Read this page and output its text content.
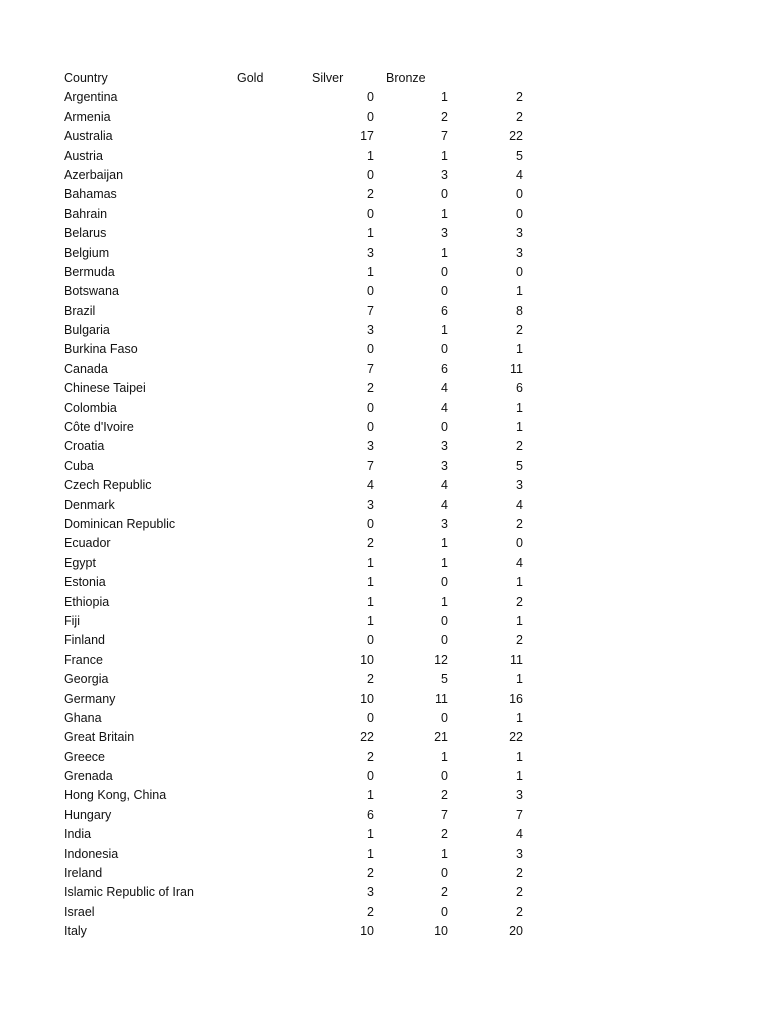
Country	Gold	Silver	Bronze
Argentina	0	1	2
Armenia	0	2	2
Australia	17	7	22
Austria	1	1	5
Azerbaijan	0	3	4
Bahamas	2	0	0
Bahrain	0	1	0
Belarus	1	3	3
Belgium	3	1	3
Bermuda	1	0	0
Botswana	0	0	1
Brazil	7	6	8
Bulgaria	3	1	2
Burkina Faso	0	0	1
Canada	7	6	11
Chinese Taipei	2	4	6
Colombia	0	4	1
Côte d'Ivoire	0	0	1
Croatia	3	3	2
Cuba	7	3	5
Czech Republic	4	4	3
Denmark	3	4	4
Dominican Republic	0	3	2
Ecuador	2	1	0
Egypt	1	1	4
Estonia	1	0	1
Ethiopia	1	1	2
Fiji	1	0	1
Finland	0	0	2
France	10	12	11
Georgia	2	5	1
Germany	10	11	16
Ghana	0	0	1
Great Britain	22	21	22
Greece	2	1	1
Grenada	0	0	1
Hong Kong, China	1	2	3
Hungary	6	7	7
India	1	2	4
Indonesia	1	1	3
Ireland	2	0	2
Islamic Republic of Iran	3	2	2
Israel	2	0	2
Italy	10	10	20
